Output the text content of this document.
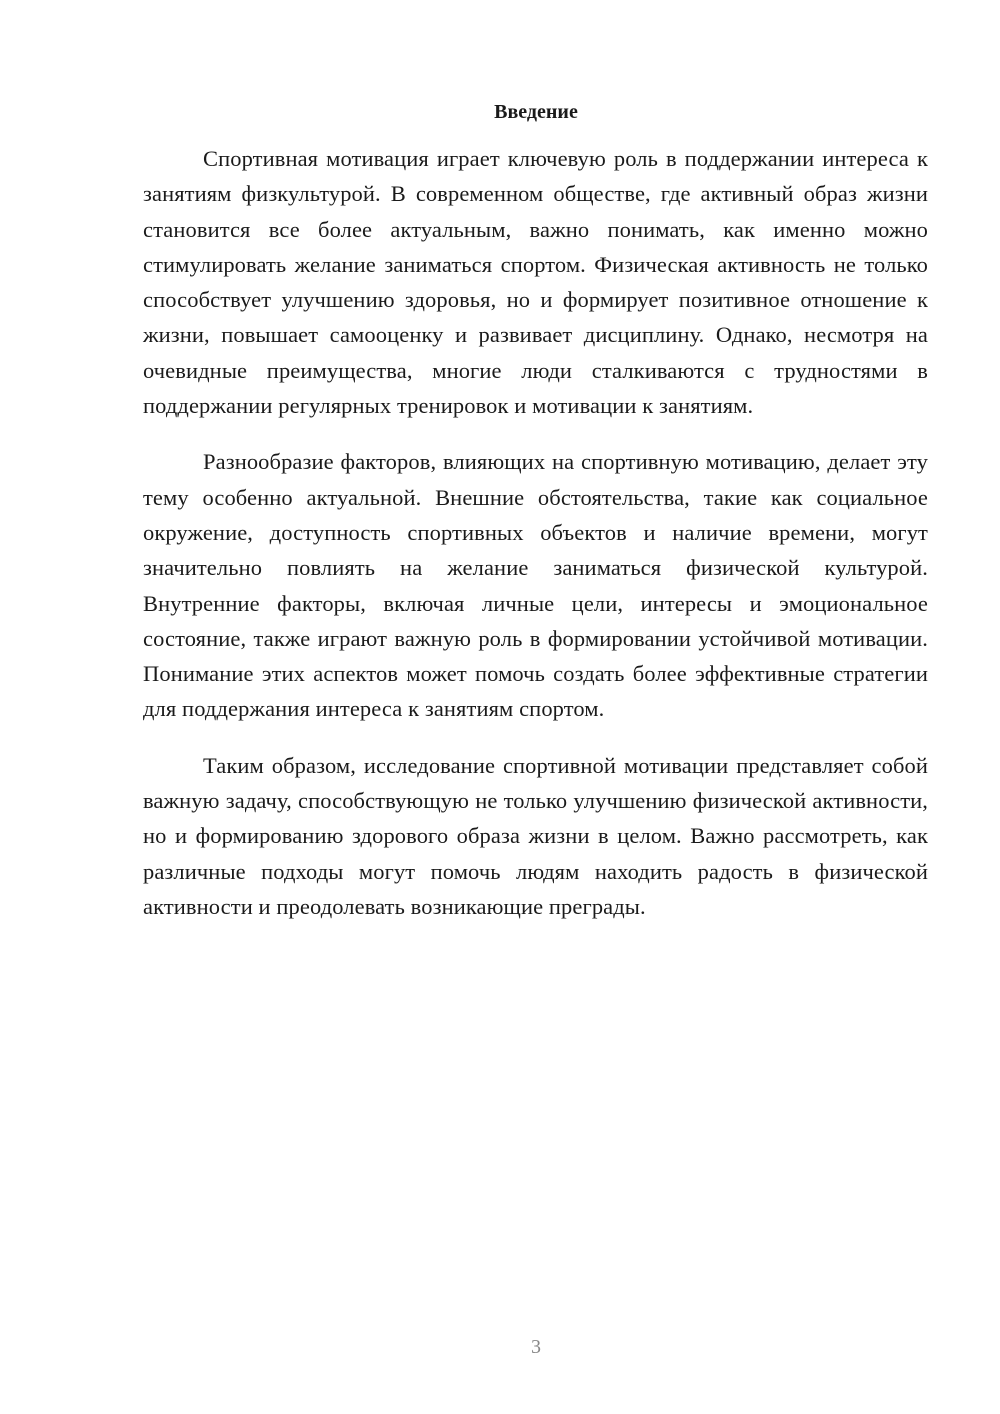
Введение

Спортивная мотивация играет ключевую роль в поддержании интереса к занятиям физкультурой. В современном обществе, где активный образ жизни становится все более актуальным, важно понимать, как именно можно стимулировать желание заниматься спортом. Физическая активность не только способствует улучшению здоровья, но и формирует позитивное отношение к жизни, повышает самооценку и развивает дисциплину. Однако, несмотря на очевидные преимущества, многие люди сталкиваются с трудностями в поддержании регулярных тренировок и мотивации к занятиям.

Разнообразие факторов, влияющих на спортивную мотивацию, делает эту тему особенно актуальной. Внешние обстоятельства, такие как социальное окружение, доступность спортивных объектов и наличие времени, могут значительно повлиять на желание заниматься физической культурой. Внутренние факторы, включая личные цели, интересы и эмоциональное состояние, также играют важную роль в формировании устойчивой мотивации. Понимание этих аспектов может помочь создать более эффективные стратегии для поддержания интереса к занятиям спортом.

Таким образом, исследование спортивной мотивации представляет собой важную задачу, способствующую не только улучшению физической активности, но и формированию здорового образа жизни в целом. Важно рассмотреть, как различные подходы могут помочь людям находить радость в физической активности и преодолевать возникающие преграды.

3
